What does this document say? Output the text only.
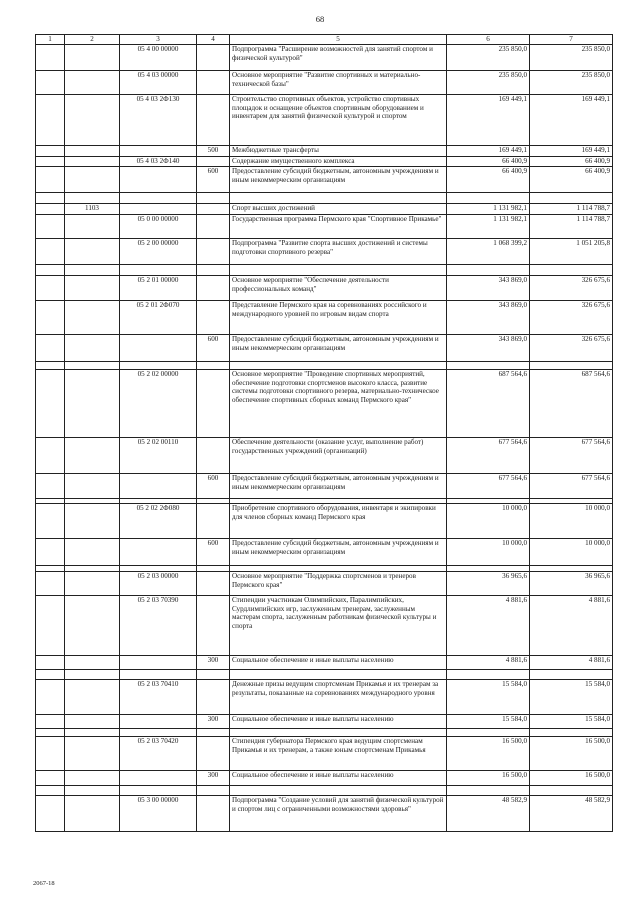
68
1	2	3	4	5	6	7
		05 4 00 00000		Подпрограмма "Расширение возможностей для занятий спортом и физической культурой"	235 850,0	235 850,0
		05 4 03 00000		Основное мероприятие "Развитие спортивных и материально-технической базы"	235 850,0	235 850,0
		05 4 03 2Ф130		Строительство спортивных объектов, устройство спортивных площадок и оснащение объектов спортивным оборудованием и инвентарем для занятий физической культурой и спортом	169 449,1	169 449,1
			500	Межбюджетные трансферты	169 449,1	169 449,1
		05 4 03 2Ф140		Содержание имущественного комплекса	66 400,9	66 400,9
			600	Предоставление субсидий бюджетным, автономным учреждениям и иным некоммерческим организациям	66 400,9	66 400,9

	1103			Спорт высших достижений	1 131 982,1	1 114 788,7
		05 0 00 00000		Государственная программа Пермского края "Спортивное Прикамье"	1 131 982,1	1 114 788,7
		05 2 00 00000		Подпрограмма "Развитие спорта высших достижений и системы подготовки спортивного резерва"	1 068 399,2	1 051 205,8

		05 2 01 00000		Основное мероприятие "Обеспечение деятельности профессиональных команд"	343 869,0	326 675,6
		05 2 01 2Ф070		Представление Пермского края на соревнованиях российского и международного уровней по игровым видам спорта	343 869,0	326 675,6
			600	Предоставление субсидий бюджетным, автономным учреждениям и иным некоммерческим организациям	343 869,0	326 675,6

		05 2 02 00000		Основное мероприятие "Проведение спортивных мероприятий, обеспечение подготовки спортсменов высокого класса, развитие системы подготовки спортивного резерва, материально-техническое обеспечение спортивных сборных команд Пермского края"	687 564,6	687 564,6
		05 2 02 00110		Обеспечение деятельности (оказание услуг, выполнение работ) государственных учреждений (организаций)	677 564,6	677 564,6
			600	Предоставление субсидий бюджетным, автономным учреждениям и иным некоммерческим организациям	677 564,6	677 564,6

		05 2 02 2Ф080		Приобретение спортивного оборудования, инвентаря и экипировки для членов сборных команд Пермского края	10 000,0	10 000,0
			600	Предоставление субсидий бюджетным, автономным учреждениям и иным некоммерческим организациям	10 000,0	10 000,0

		05 2 03 00000		Основное мероприятие "Поддержка спортсменов и тренеров Пермского края"	36 965,6	36 965,6
		05 2 03 70390		Стипендии участникам Олимпийских, Паралимпийских, Сурдлимпийских игр, заслуженным тренерам, заслуженным мастерам спорта, заслуженным работникам физической культуры и спорта	4 881,6	4 881,6
			300	Социальное обеспечение и иные выплаты населению	4 881,6	4 881,6

		05 2 03 70410		Денежные призы ведущим спортсменам Прикамья и их тренерам за результаты, показанные на соревнованиях международного уровня	15 584,0	15 584,0
			300	Социальное обеспечение и иные выплаты населению	15 584,0	15 584,0

		05 2 03 70420		Стипендия губернатора Пермского края ведущим спортсменам Прикамья и их тренерам, а также юным спортсменам Прикамья	16 500,0	16 500,0
			300	Социальное обеспечение и иные выплаты населению	16 500,0	16 500,0

		05 3 00 00000		Подпрограмма "Создание условий для занятий физической культурой и спортом лиц с ограниченными возможностями здоровья"	48 582,9	48 582,9
2067-18
